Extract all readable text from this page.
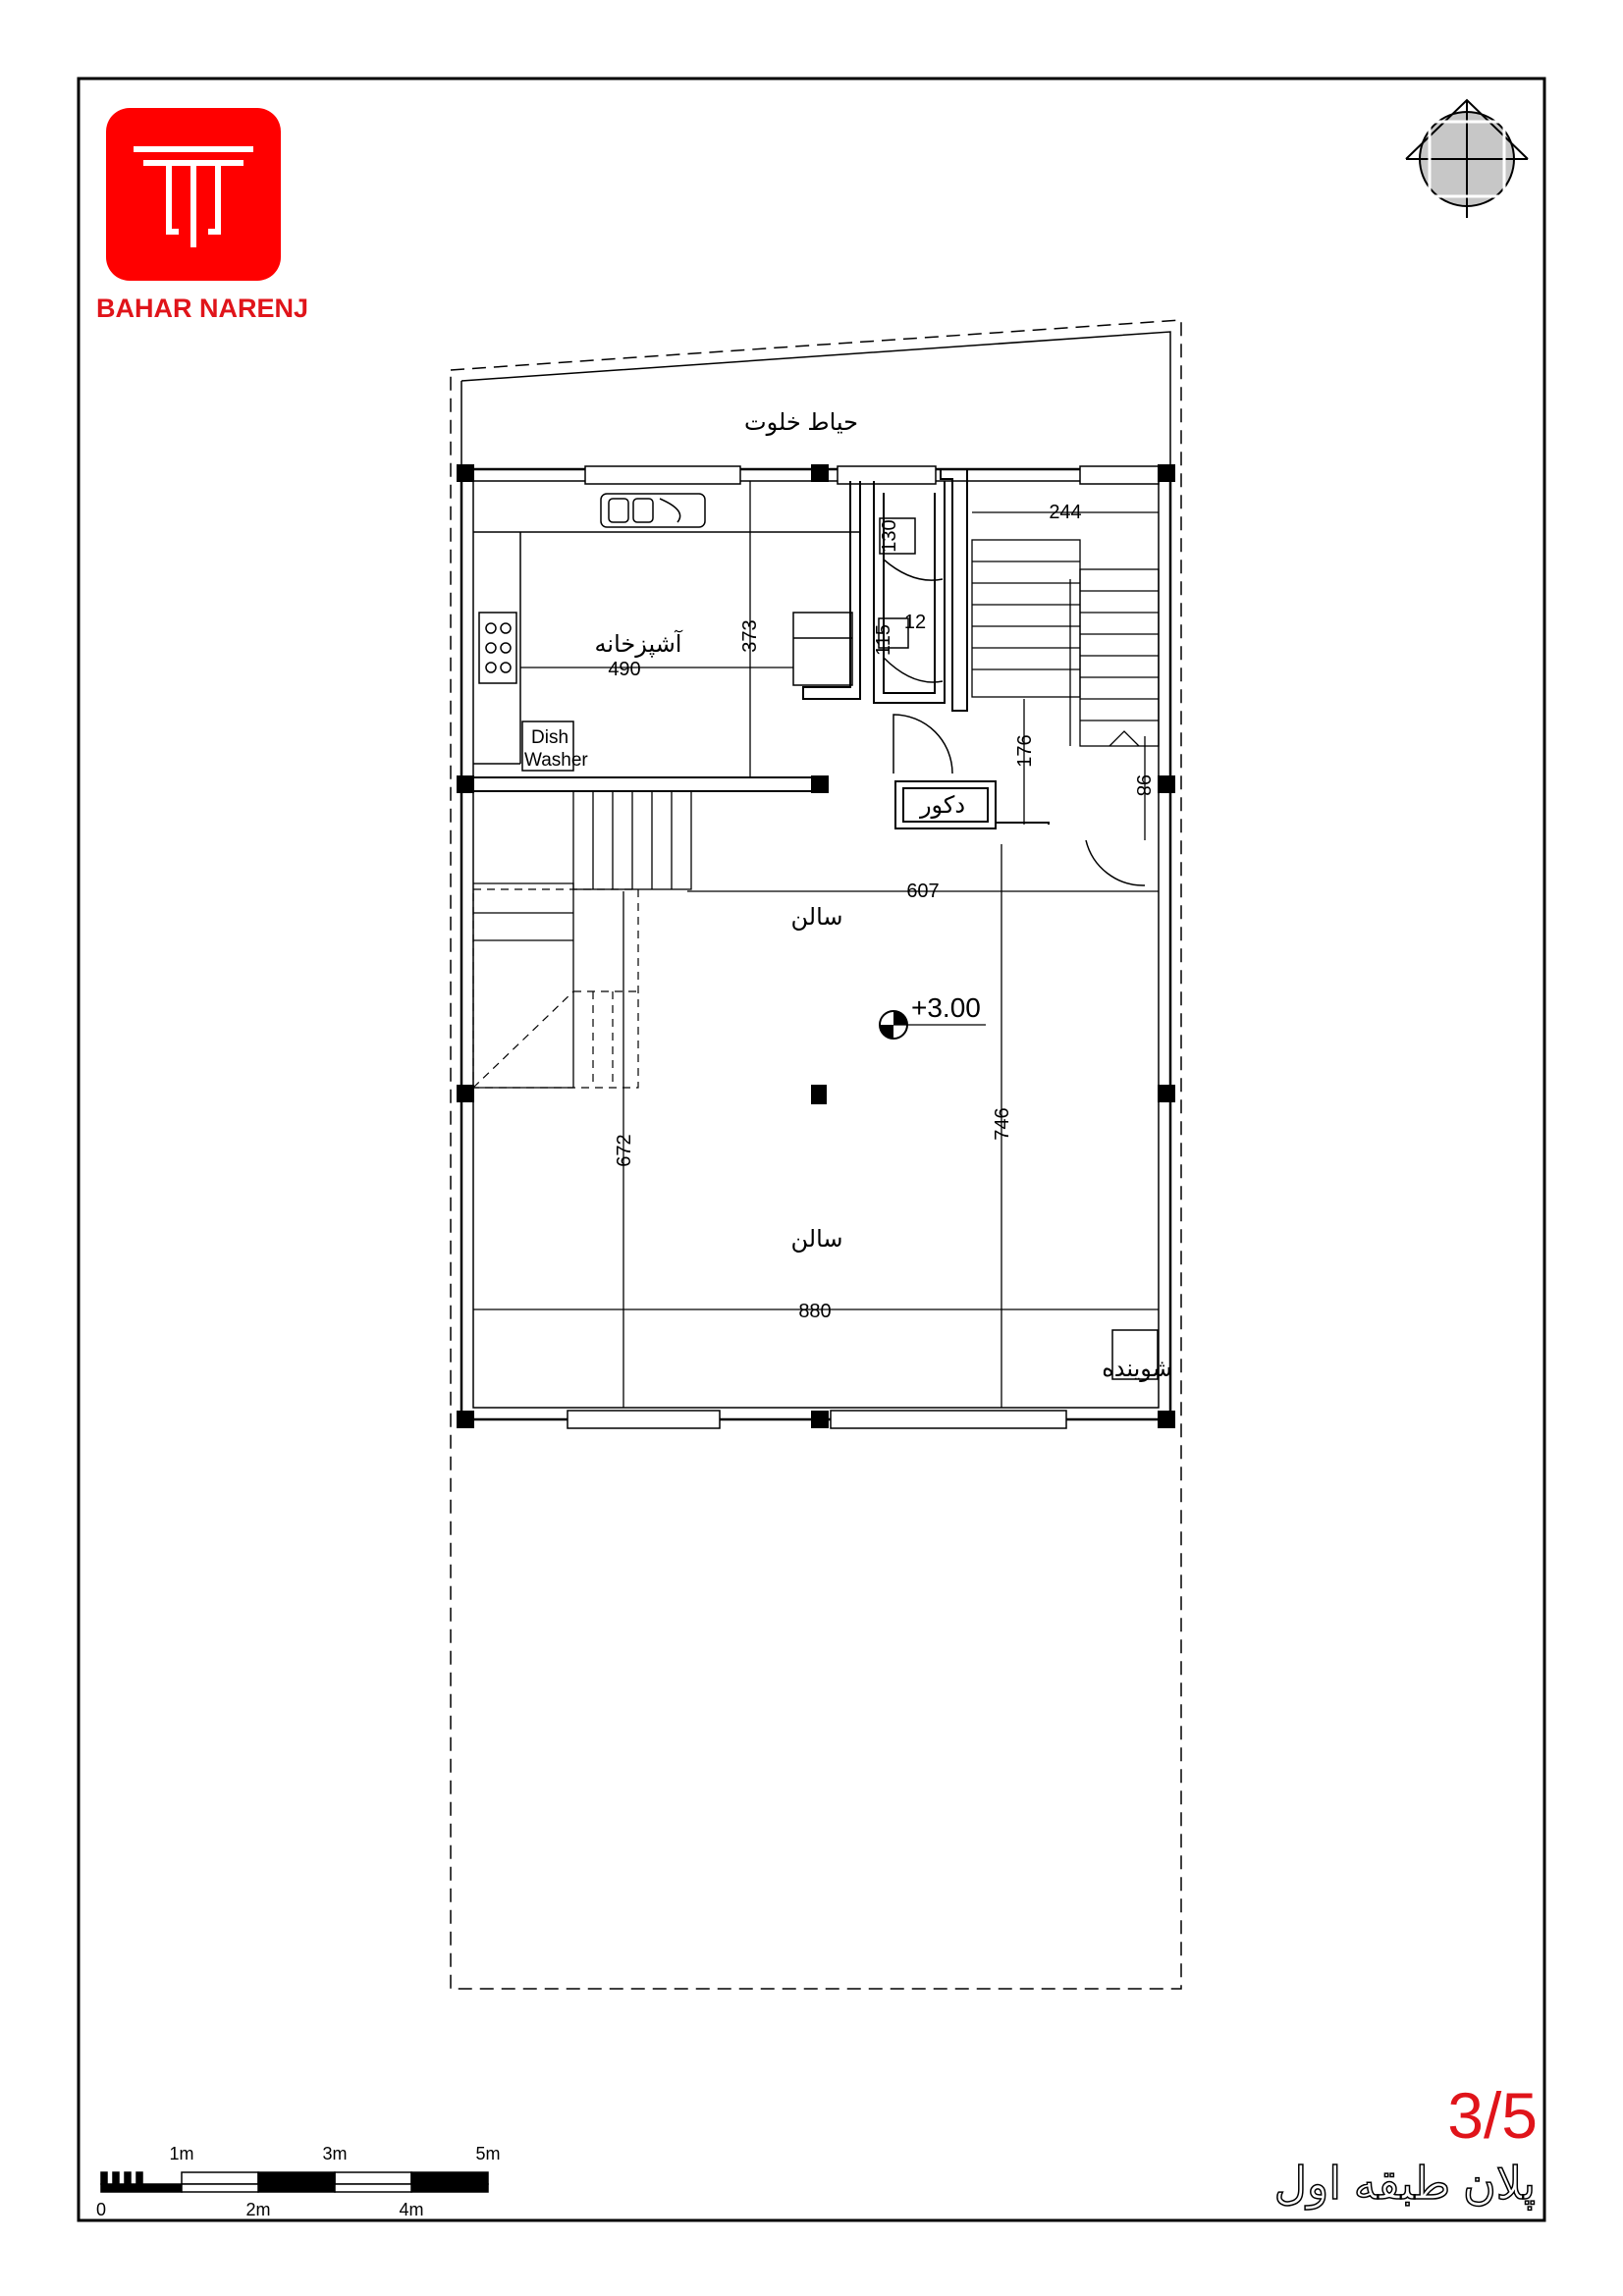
BAHAR NARENJ
Dish
Washer
حیاط خلوت
آشپزخانه
دکور
سالن
سالن
شوینده
+3.00
244
373
490
130
12
115
176
98
607
672
746
880
3/5
پلان طبقه اول
1m	3m	5m
0	2m	4m
